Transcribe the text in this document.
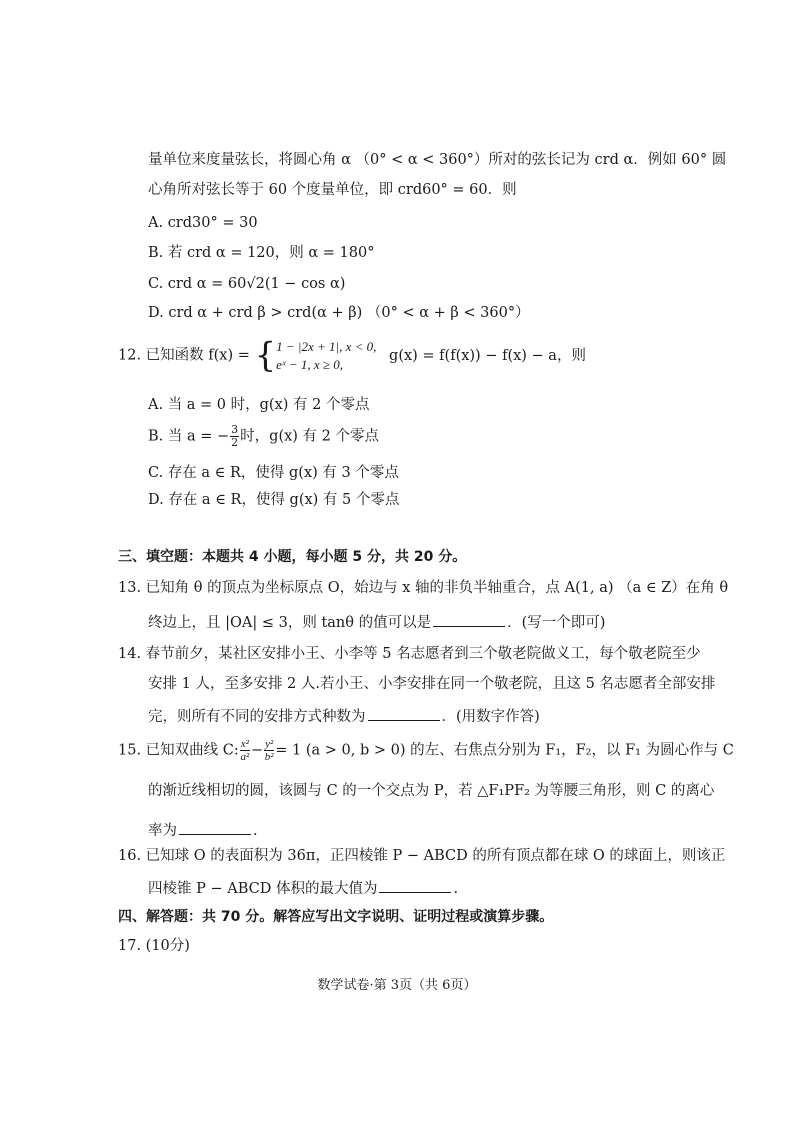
量单位来度量弦长，将圆心角 α （0° < α < 360°）所对的弦长记为 crd α．例如 60° 圆
心角所对弦长等于 60 个度量单位，即 crd60° = 60．则
A. crd30° = 30
B. 若 crd α = 120，则 α = 180°
C. crd α = 60√2(1 − cos α)
D. crd α + crd β > crd(α + β) （0° < α + β < 360°）
12. 已知函数 f(x) = { 1 − |2x + 1|, x < 0,
eˣ − 1, x ≥ 0,
g(x) = f(f(x)) − f(x) − a，则
A. 当 a = 0 时，g(x) 有 2 个零点
B. 当 a = − $\frac{3}{2}$ 时，g(x) 有 2 个零点
C. 存在 a ∈ R，使得 g(x) 有 3 个零点
D. 存在 a ∈ R，使得 g(x) 有 5 个零点
三、填空题：本题共 4 小题，每小题 5 分，共 20 分。
13. 已知角 θ 的顶点为坐标原点 O，始边与 x 轴的非负半轴重合，点 A(1, a) （a ∈ Z）在角 θ
终边上，且 |OA| ≤ 3，则 tanθ 的值可以是	．(写一个即可)
14. 春节前夕，某社区安排小王、小李等 5 名志愿者到三个敬老院做义工，每个敬老院至少
安排 1 人，至多安排 2 人.若小王、小李安排在同一个敬老院，且这 5 名志愿者全部安排
完，则所有不同的安排方式种数为	．(用数字作答)
15. 已知双曲线 C: $\frac{\text{x²}}{\text{a²}} - \frac{\text{y²}}{\text{b²}} = 1$ (a > 0, b > 0) 的左、右焦点分别为 F₁，F₂，以 F₁ 为圆心作与 C
的渐近线相切的圆，该圆与 C 的一个交点为 P，若 △F₁PF₂ 为等腰三角形，则 C 的离心
率为	.
16. 已知球 O 的表面积为 36π，正四棱锥 P − ABCD 的所有顶点都在球 O 的球面上，则该正
四棱锥 P − ABCD 体积的最大值为	.
四、解答题：共 70 分。解答应写出文字说明、证明过程或演算步骤。
17. (10分)
数学试卷·第 3页（共 6页）
